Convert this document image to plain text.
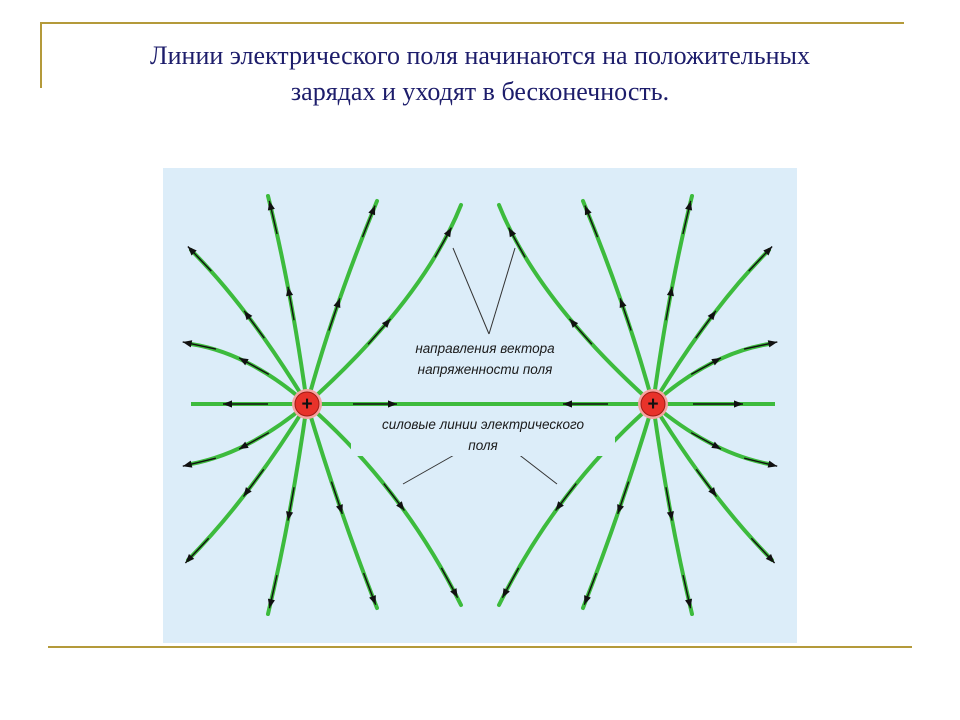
Линии электрического поля начинаются на положительных
зарядах и уходят в бесконечность.
+	+
направления вектора
напряженности поля
силовые линии электрического
поля
